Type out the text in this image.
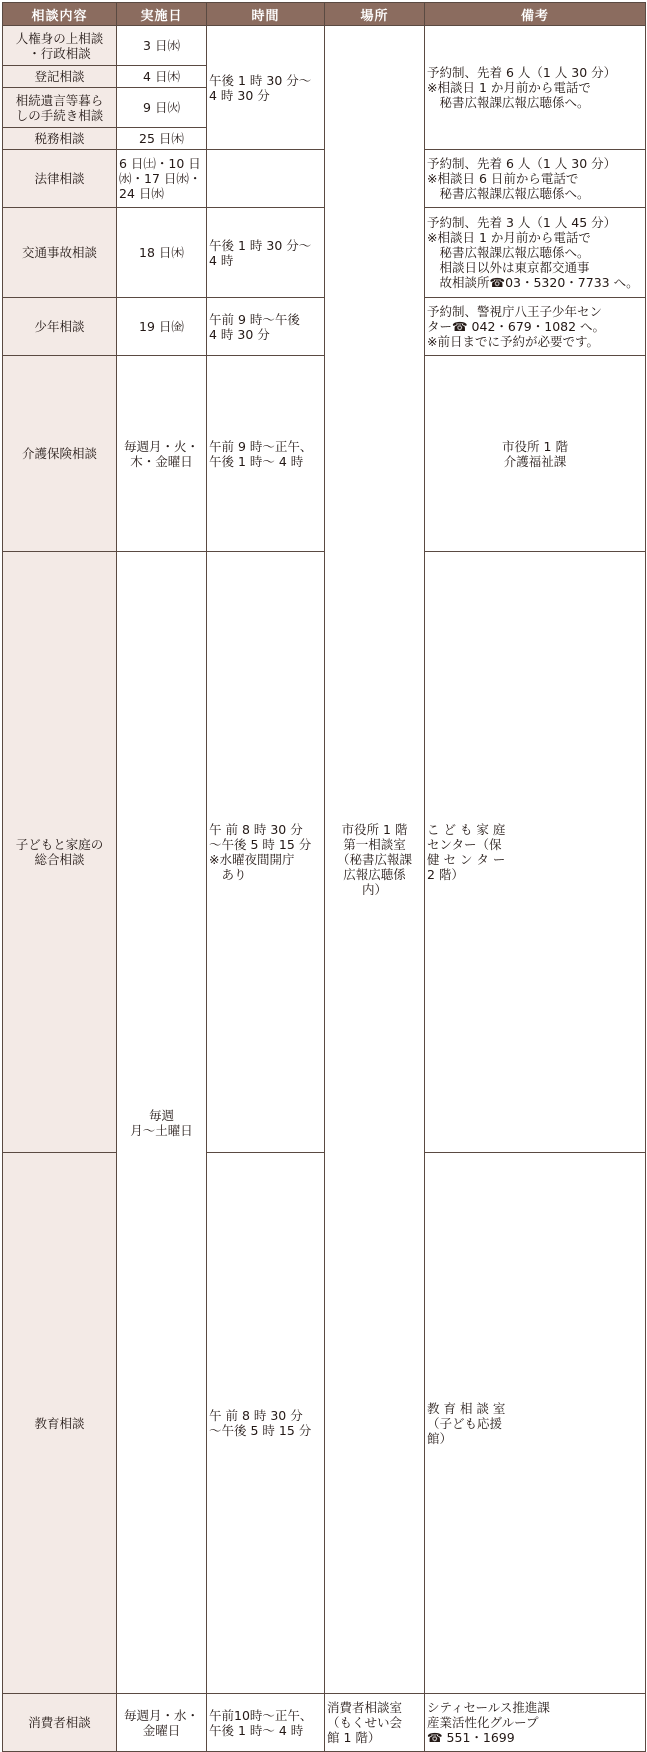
相談内容	実施日	時間	場所	備考	
人権身の上相談
・行政相談	3 日㈬	午後 1 時 30 分〜
4 時 30 分	市役所 1 階
第一相談室
（秘書広報課
広報広聴係
内）	予約制、先着 6 人（1 人 30 分）
※相談日 1 か月前から電話で
　秘書広報課広報広聴係へ。	
登記相談	4 日㈭				
相続遺言等暮ら
しの手続き相談	9 日㈫				
税務相談	25 日㈭				
法律相談	6 日㈯・10 日
㈬・17 日㈬・
24 日㈬			予約制、先着 6 人（1 人 30 分）
※相談日 6 日前から電話で
　秘書広報課広報広聴係へ。	
交通事故相談	18 日㈭	午後 1 時 30 分〜
4 時		予約制、先着 3 人（1 人 45 分）
※相談日 1 か月前から電話で
　秘書広報課広報広聴係へ。
　相談日以外は東京都交通事
　故相談所☎03・5320・7733 へ。	
少年相談	19 日㈮	午前 9 時〜午後
4 時 30 分		予約制、警視庁八王子少年セン
ター☎ 042・679・1082 へ。
※前日までに予約が必要です。	
介護保険相談	毎週月・火・
木・金曜日	午前 9 時〜正午、
午後 1 時〜 4 時		市役所 1 階
介護福祉課	
子どもと家庭の
総合相談	毎週
月〜土曜日	午 前 8 時 30 分
〜午後 5 時 15 分
※水曜夜間開庁
　あり		こ ど も 家 庭
センター（保
健 セ ン タ ー
2 階）	
教育相談		午 前 8 時 30 分
〜午後 5 時 15 分		教 育 相 談 室
（子ども応援
館）	
消費者相談	毎週月・水・
金曜日	午前10時〜正午、
午後 1 時〜 4 時	消費者相談室
（もくせい会
館 1 階）	シティセールス推進課
産業活性化グループ
☎ 551・1699	
